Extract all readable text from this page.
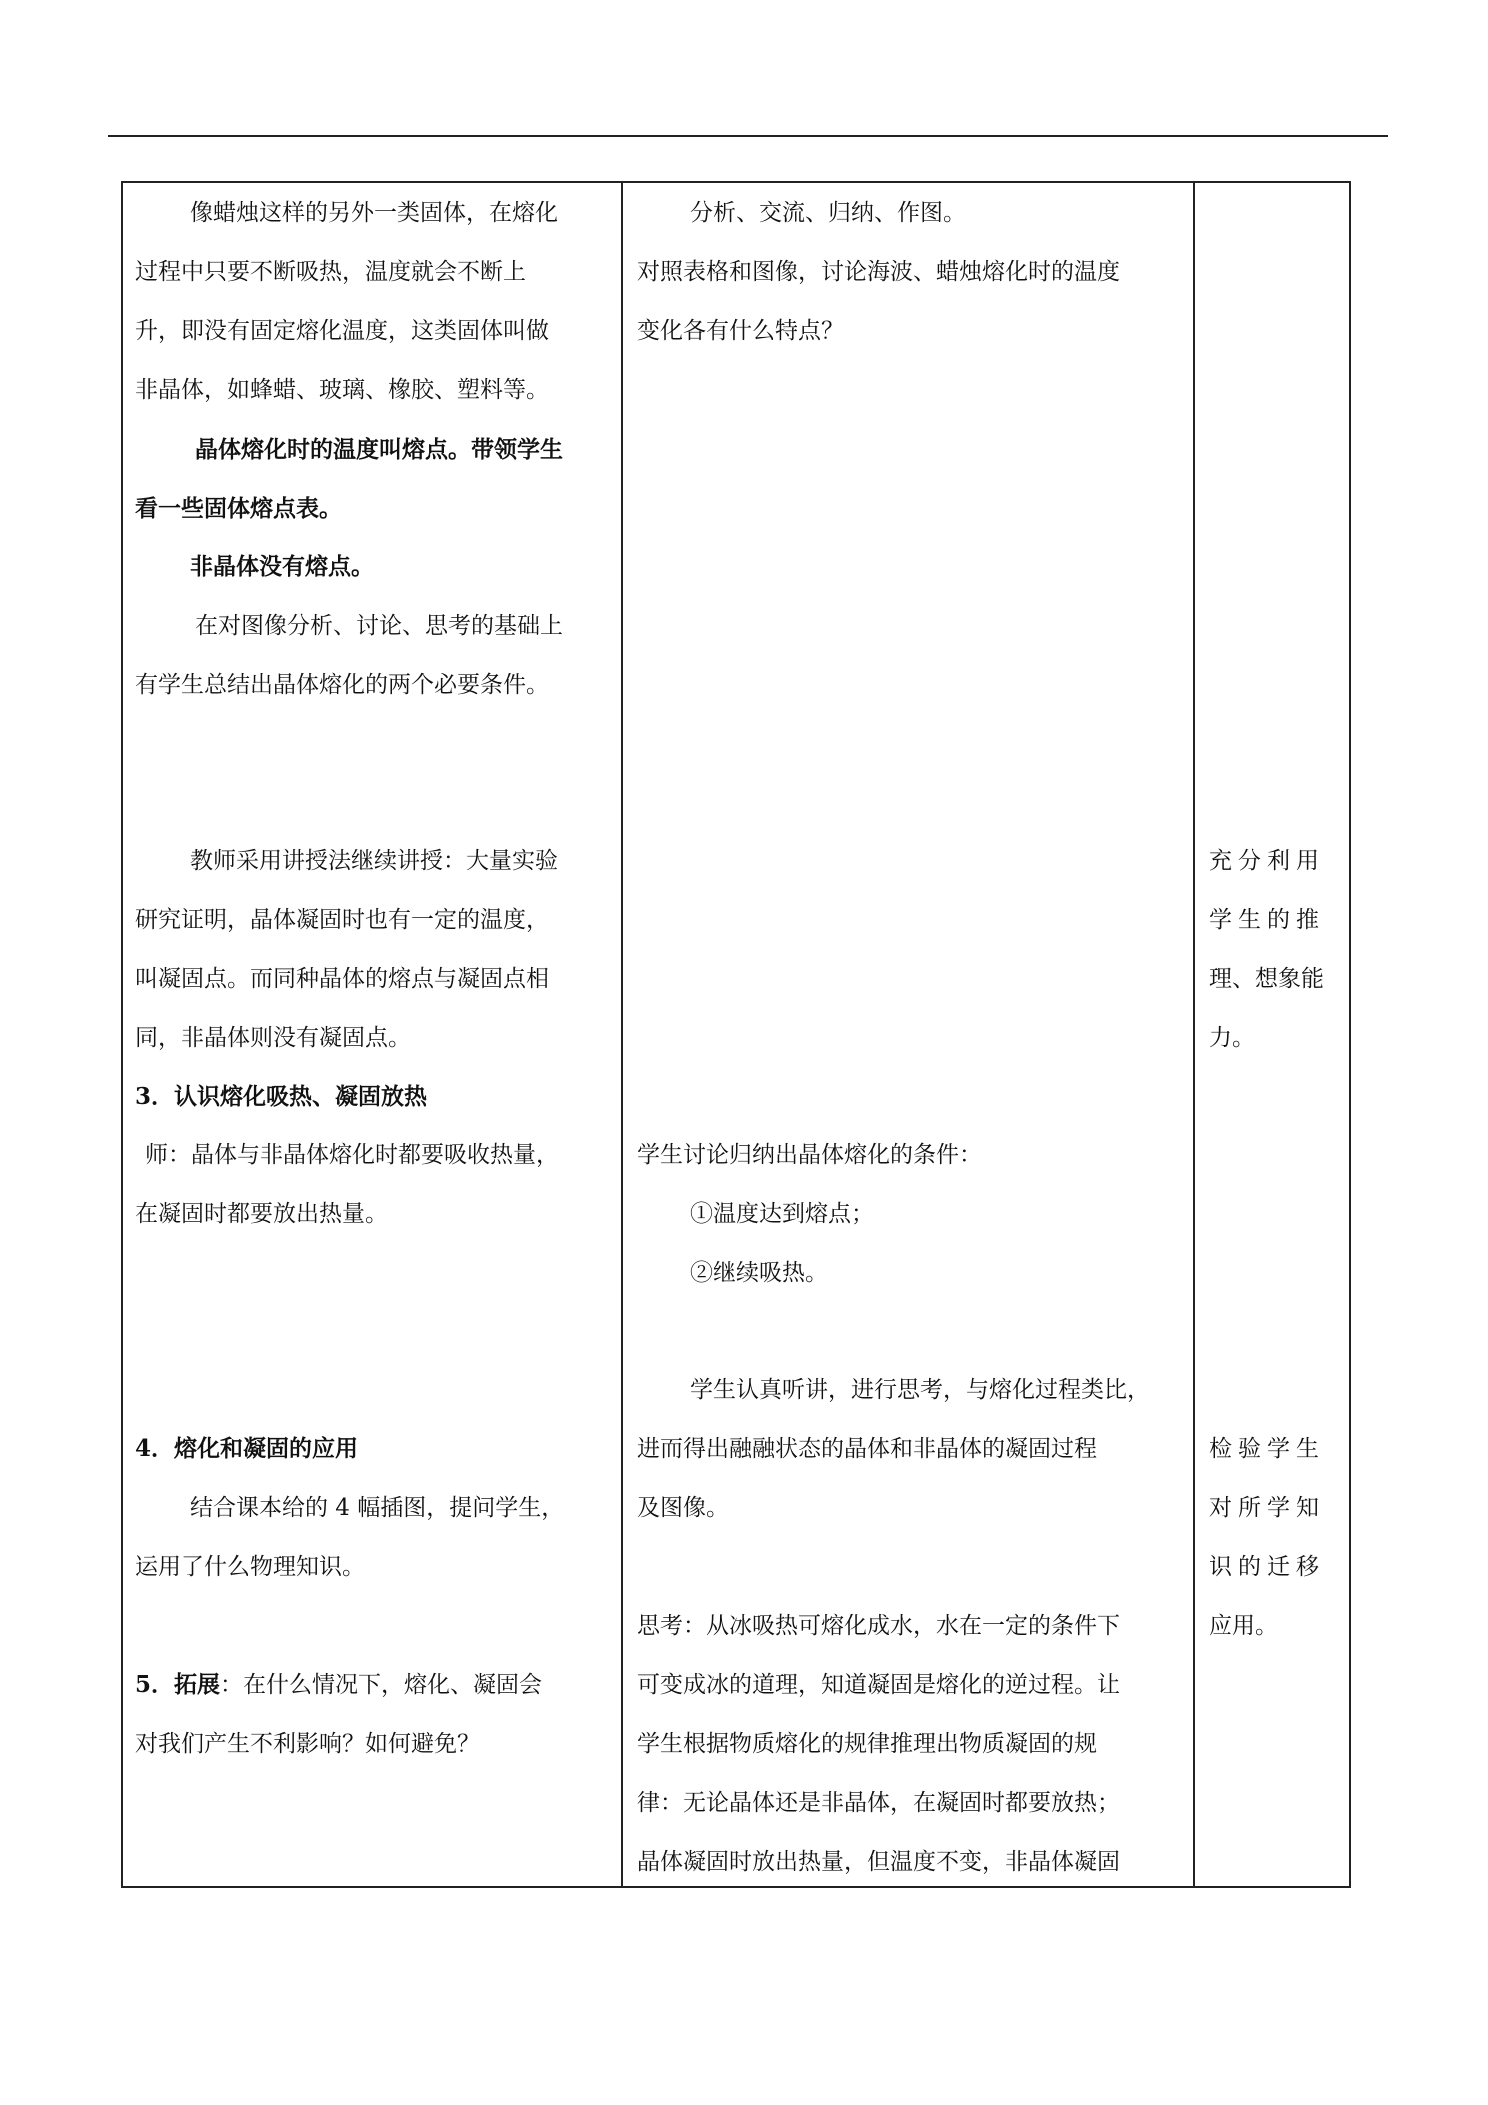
像蜡烛这样的另外一类固体，在熔化
过程中只要不断吸热，温度就会不断上
升，即没有固定熔化温度，这类固体叫做
非晶体，如蜂蜡、玻璃、橡胶、塑料等。
晶体熔化时的温度叫熔点。带领学生
看一些固体熔点表。
非晶体没有熔点。
在对图像分析、讨论、思考的基础上
有学生总结出晶体熔化的两个必要条件。
教师采用讲授法继续讲授：大量实验
研究证明，晶体凝固时也有一定的温度，
叫凝固点。而同种晶体的熔点与凝固点相
同，非晶体则没有凝固点。
3．认识熔化吸热、凝固放热
师：晶体与非晶体熔化时都要吸收热量，
在凝固时都要放出热量。
4．熔化和凝固的应用
结合课本给的 4 幅插图，提问学生，
运用了什么物理知识。
5．拓展：在什么情况下，熔化、凝固会
对我们产生不利影响？如何避免？
分析、交流、归纳、作图。
对照表格和图像，讨论海波、蜡烛熔化时的温度
变化各有什么特点？
学生讨论归纳出晶体熔化的条件：
①温度达到熔点；
②继续吸热。
学生认真听讲，进行思考，与熔化过程类比，
进而得出融融状态的晶体和非晶体的凝固过程
及图像。
思考：从冰吸热可熔化成水，水在一定的条件下
可变成冰的道理，知道凝固是熔化的逆过程。让
学生根据物质熔化的规律推理出物质凝固的规
律：无论晶体还是非晶体，在凝固时都要放热；
晶体凝固时放出热量，但温度不变，非晶体凝固
充分利用
学生的推
理、想象能
力。
检验学生
对所学知
识的迁移
应用。
